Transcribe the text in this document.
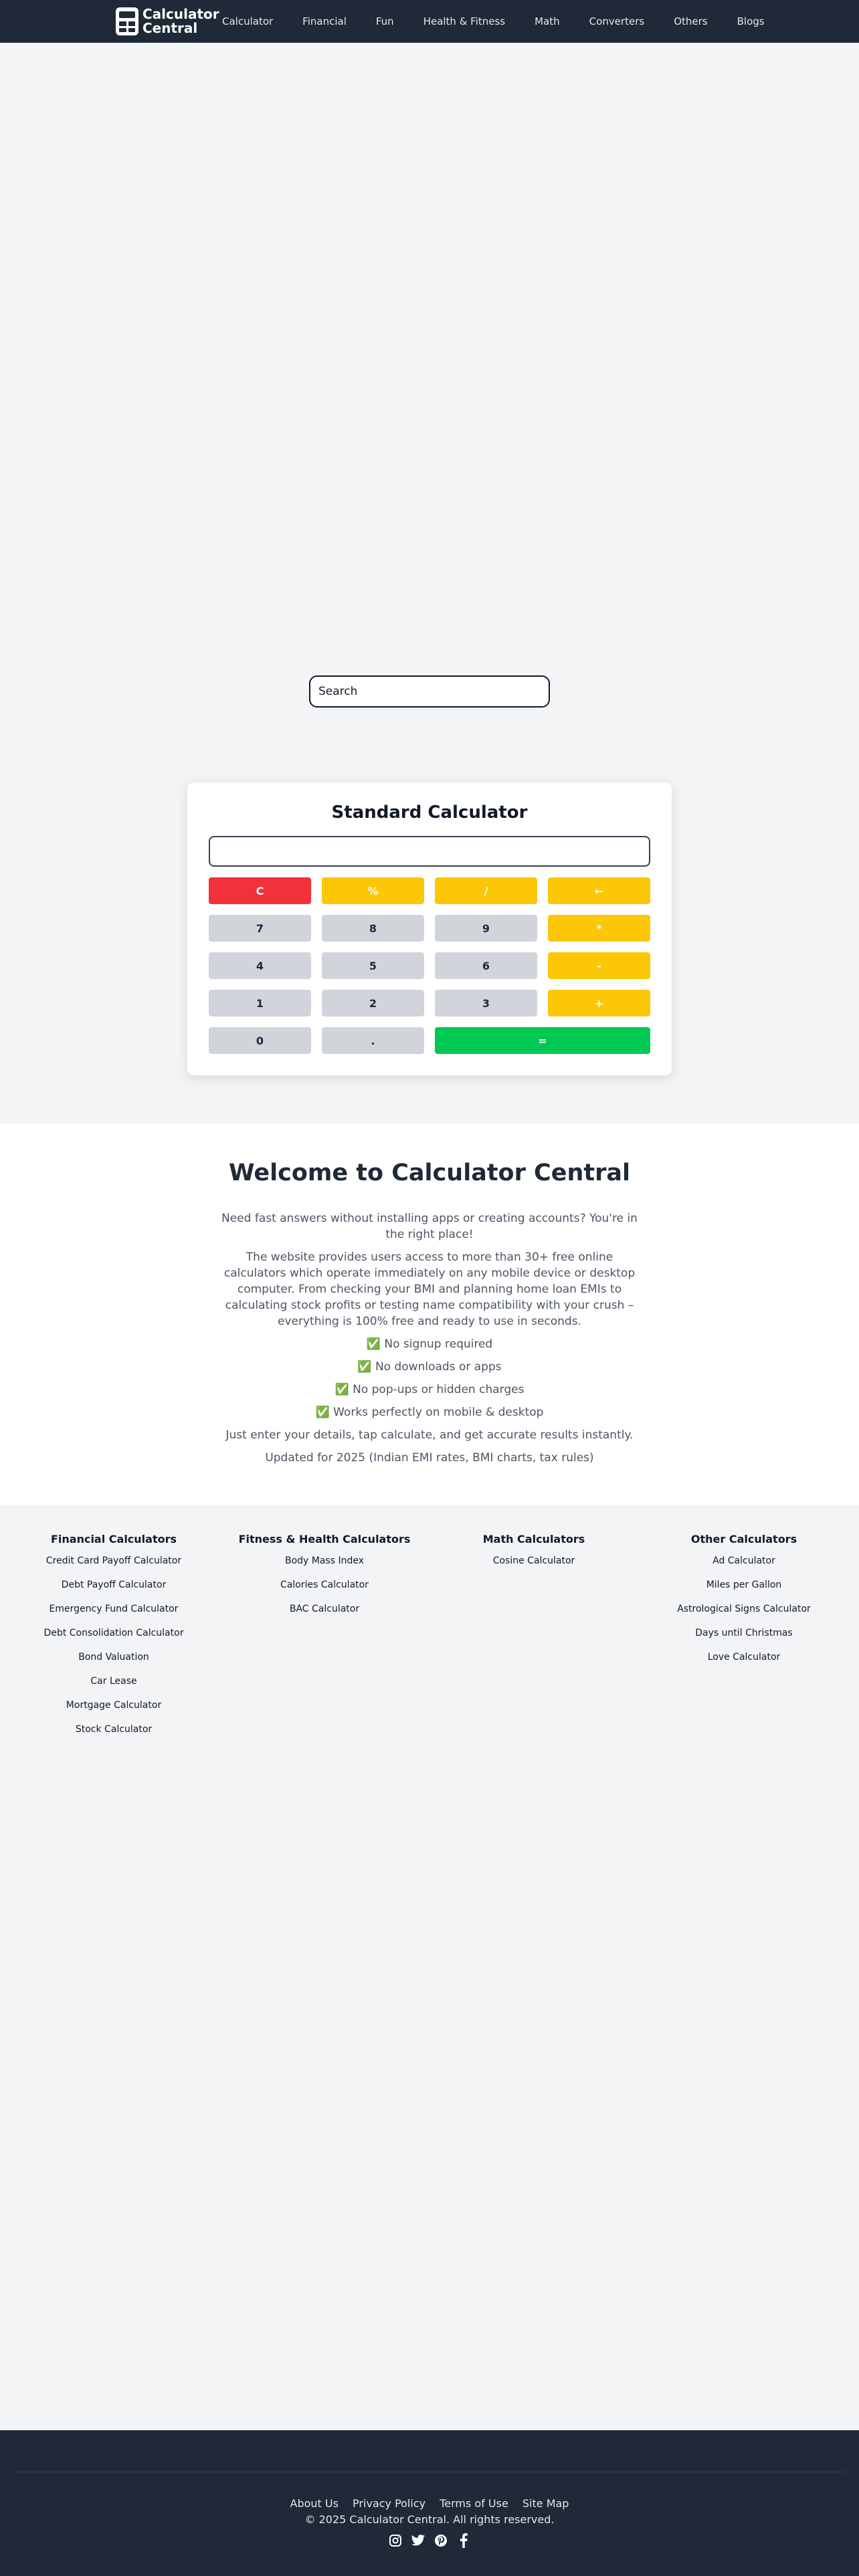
Calculator
Central	Calculator	Financial	Fun	Health & Fitness	Math	Converters	Others	Blogs
Search
Standard Calculator
C	%	/	←
7	8	9	*
4	5	6	-
1	2	3	+
0	.	=
Welcome to Calculator Central

Need fast answers without installing apps or creating accounts? You're in the right place!

The website provides users access to more than 30+ free online calculators which operate immediately on any mobile device or desktop computer. From checking your BMI and planning home loan EMIs to calculating stock profits or testing name compatibility with your crush – everything is 100% free and ready to use in seconds.

✅ No signup required

✅ No downloads or apps

✅ No pop-ups or hidden charges

✅ Works perfectly on mobile & desktop

Just enter your details, tap calculate, and get accurate results instantly.

Updated for 2025 (Indian EMI rates, BMI charts, tax rules)

Financial Calculators
Credit Card Payoff Calculator
Debt Payoff Calculator
Emergency Fund Calculator
Debt Consolidation Calculator
Bond Valuation
Car Lease
Mortgage Calculator
Stock Calculator
Fitness & Health Calculators
Body Mass Index
Calories Calculator
BAC Calculator
Math Calculators
Cosine Calculator
Other Calculators
Ad Calculator
Miles per Gallon
Astrological Signs Calculator
Days until Christmas
Love Calculator
About Us Privacy Policy Terms of Use Site Map
© 2025 Calculator Central. All rights reserved.
